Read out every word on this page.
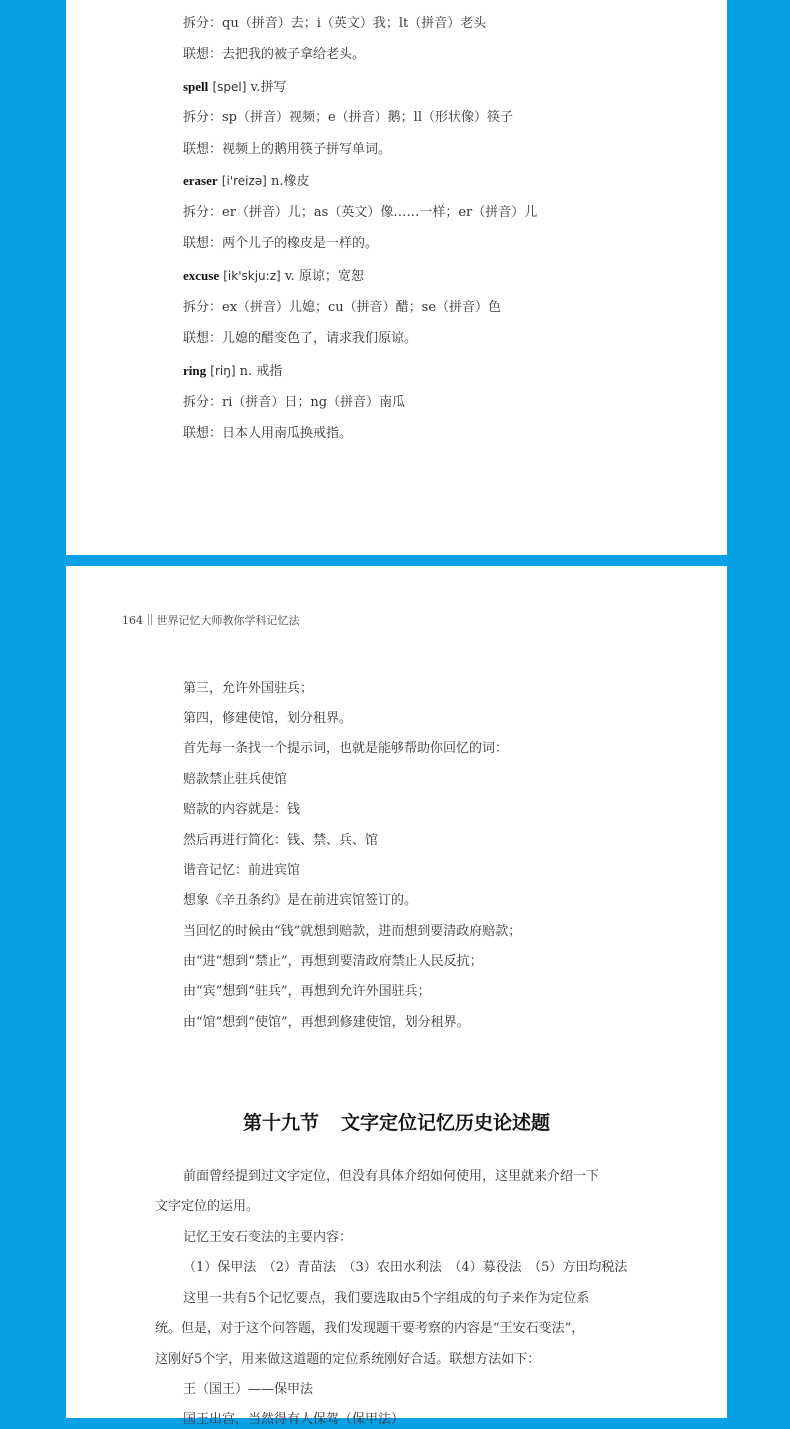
拆分：qu（拼音）去；i（英文）我；lt（拼音）老头
联想：去把我的被子拿给老头。
spell [spel] v.拼写
拆分：sp（拼音）视频；e（拼音）鹅；ll（形状像）筷子
联想：视频上的鹅用筷子拼写单词。
eraser [i'reizə] n.橡皮
拆分：er（拼音）儿；as（英文）像……一样；er（拼音）儿
联想：两个儿子的橡皮是一样的。
excuse [ik'skju:z] v. 原谅；宽恕
拆分：ex（拼音）儿媳；cu（拼音）醋；se（拼音）色
联想：儿媳的醋变色了，请求我们原谅。
ring [riŋ] n. 戒指
拆分：ri（拼音）日；ng（拼音）南瓜
联想：日本人用南瓜换戒指。
164 世界记忆大师教你学科记忆法
第三，允许外国驻兵；
第四，修建使馆，划分租界。
首先每一条找一个提示词，也就是能够帮助你回忆的词：
赔款禁止驻兵使馆
赔款的内容就是：钱
然后再进行简化：钱、禁、兵、馆
谐音记忆：前进宾馆
想象《辛丑条约》是在前进宾馆签订的。
当回忆的时候由“钱”就想到赔款，进而想到要清政府赔款；
由“进”想到“禁止”，再想到要清政府禁止人民反抗；
由“宾”想到“驻兵”，再想到允许外国驻兵；
由“馆”想到“使馆”，再想到修建使馆，划分租界。
第十九节 文字定位记忆历史论述题
前面曾经提到过文字定位，但没有具体介绍如何使用，这里就来介绍一下
文字定位的运用。
记忆王安石变法的主要内容：
（1）保甲法　（2）青苗法　（3）农田水利法　（4）募役法　（5）方田均税法
这里一共有5个记忆要点，我们要选取由5个字组成的句子来作为定位系
统。但是，对于这个问答题，我们发现题干要考察的内容是“王安石变法”，
这刚好5个字，用来做这道题的定位系统刚好合适。联想方法如下：
王（国王）——保甲法
国王出宫，当然得有人保驾（保甲法）
